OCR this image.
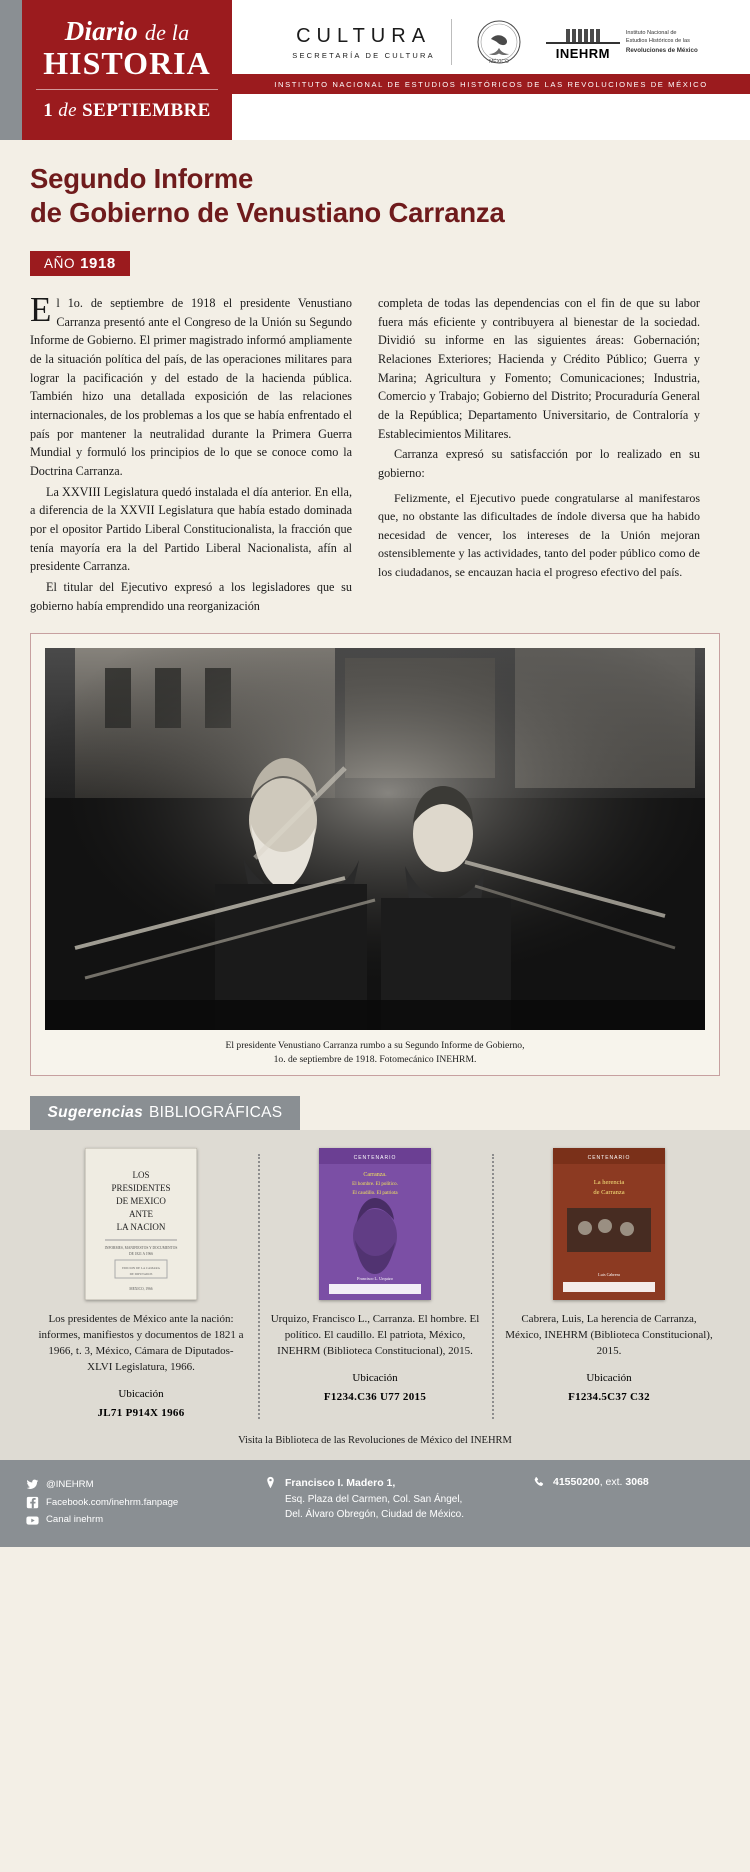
Diario de la
HISTORIA
1 de SEPTIEMBRE
CULTURA
SECRETARÍA DE CULTURA
MÉXICO
INEHRM
Instituto Nacional de
Estudios Históricos de las
Revoluciones de México
INSTITUTO NACIONAL DE ESTUDIOS HISTÓRICOS DE LAS REVOLUCIONES DE MÉXICO
Segundo Informe
de Gobierno de Venustiano Carranza
AÑO 1918

El 1o. de septiembre de 1918 el presidente Venustiano Carranza presentó ante el Congreso de la Unión su Segundo Informe de Gobierno. El primer magistrado informó ampliamente de la situación política del país, de las operaciones militares para lograr la pacificación y del estado de la hacienda pública. También hizo una detallada exposición de las relaciones internacionales, de los problemas a los que se había enfrentado el país por mantener la neutralidad durante la Primera Guerra Mundial y formuló los principios de lo que se conoce como la Doctrina Carranza.

La XXVIII Legislatura quedó instalada el día anterior. En ella, a diferencia de la XXVII Legislatura que había estado dominada por el opositor Partido Liberal Constitucionalista, la fracción que tenía mayoría era la del Partido Liberal Nacionalista, afín al presidente Carranza.

El titular del Ejecutivo expresó a los legisladores que su gobierno había emprendido una reorganización

completa de todas las dependencias con el fin de que su labor fuera más eficiente y contribuyera al bienestar de la sociedad. Dividió su informe en las siguientes áreas: Gobernación; Relaciones Exteriores; Hacienda y Crédito Público; Guerra y Marina; Agricultura y Fomento; Comunicaciones; Industria, Comercio y Trabajo; Gobierno del Distrito; Procuraduría General de la República; Departamento Universitario, de Contraloría y Establecimientos Militares.

Carranza expresó su satisfacción por lo realizado en su gobierno:

Felizmente, el Ejecutivo puede congratularse al manifestaros que, no obstante las dificultades de índole diversa que ha habido necesidad de vencer, los intereses de la Unión mejoran ostensiblemente y las actividades, tanto del poder público como de los ciudadanos, se encauzan hacia el progreso efectivo del país.

El presidente Venustiano Carranza rumbo a su Segundo Informe de Gobierno,
1o. de septiembre de 1918. Fotomecánico INEHRM.
Sugerencias BIBLIOGRÁFICAS
LOS
PRESIDENTES
DE MEXICO
ANTE
LA NACION
INFORMES, MANIFIESTOS Y DOCUMENTOS
DE 1821 A 1966
EDICION DE LA CAMARA
DE DIPUTADOS
MEXICO, 1966
Los presidentes de México ante la nación: informes, manifiestos y documentos de 1821 a 1966, t. 3, México, Cámara de Diputados-XLVI Legislatura, 1966.
Ubicación
JL71 P914X 1966
CENTENARIO
Carranza.
El hombre. El político.
El caudillo. El patriota
Francisco L. Urquizo
Urquizo, Francisco L., Carranza. El hombre. El político. El caudillo. El patriota, México, INEHRM (Biblioteca Constitucional), 2015.
Ubicación
F1234.C36 U77 2015
CENTENARIO
La herencia
de Carranza
Luis Cabrera
Cabrera, Luis, La herencia de Carranza, México, INEHRM (Biblioteca Constitucional), 2015.
Ubicación
F1234.5C37 C32
Visita la Biblioteca de las Revoluciones de México del INEHRM
@INEHRM
Facebook.com/inehrm.fanpage
Canal inehrm
Francisco I. Madero 1,
Esq. Plaza del Carmen, Col. San Ángel,
Del. Álvaro Obregón, Ciudad de México.
41550200, ext. 3068
